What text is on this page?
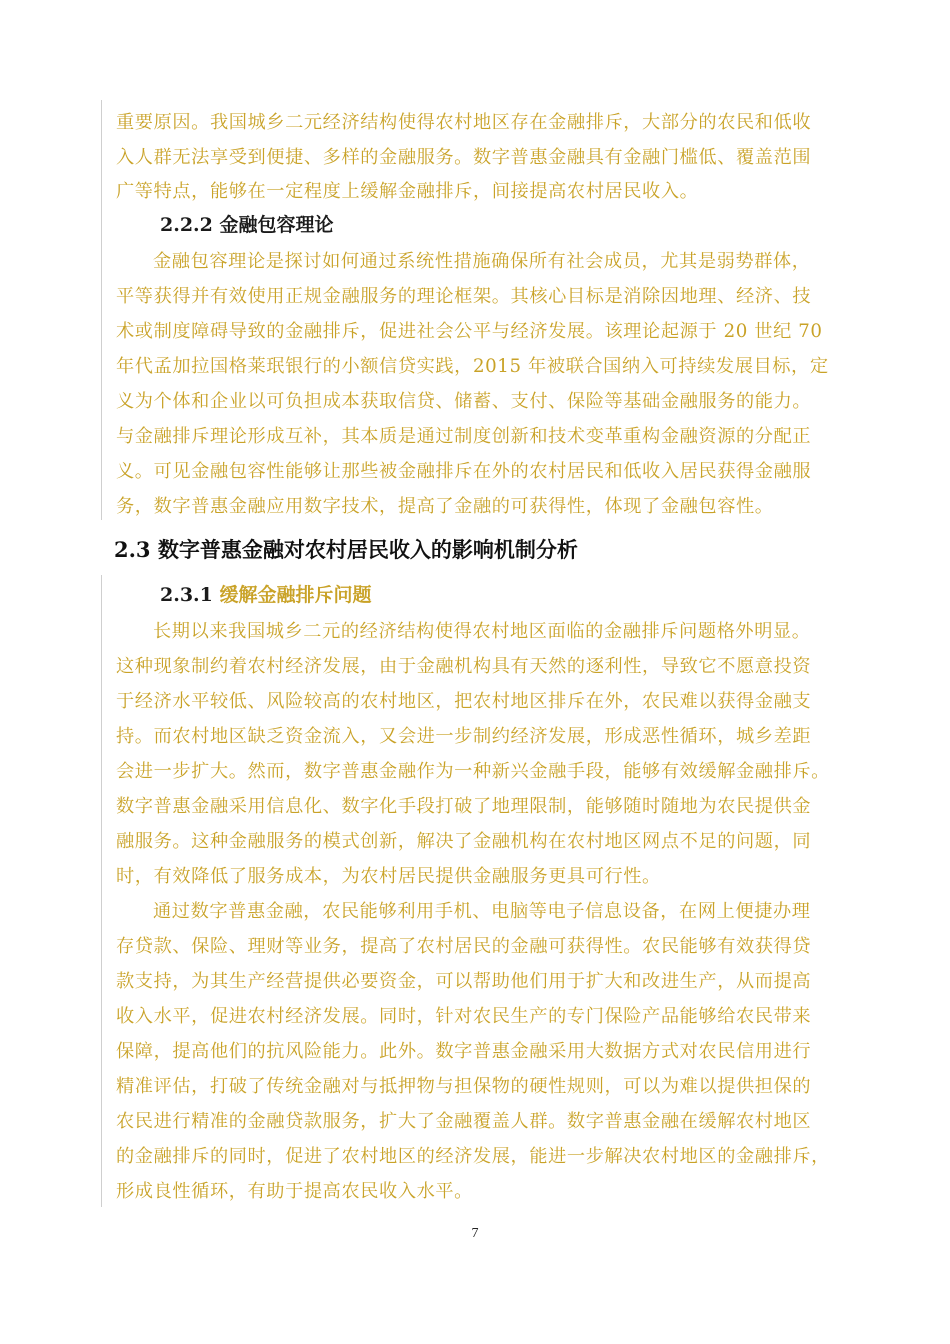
重要原因。我国城乡二元经济结构使得农村地区存在金融排斥，大部分的农民和低收
入人群无法享受到便捷、多样的金融服务。数字普惠金融具有金融门槛低、覆盖范围
广等特点，能够在一定程度上缓解金融排斥，间接提高农村居民收入。
2.2.2 金融包容理论
金融包容理论是探讨如何通过系统性措施确保所有社会成员，尤其是弱势群体，
平等获得并有效使用正规金融服务的理论框架。其核心目标是消除因地理、经济、技
术或制度障碍导致的金融排斥，促进社会公平与经济发展。该理论起源于 20 世纪 70
年代孟加拉国格莱珉银行的小额信贷实践，2015 年被联合国纳入可持续发展目标，定
义为个体和企业以可负担成本获取信贷、储蓄、支付、保险等基础金融服务的能力。
与金融排斥理论形成互补，其本质是通过制度创新和技术变革重构金融资源的分配正
义。可见金融包容性能够让那些被金融排斥在外的农村居民和低收入居民获得金融服
务，数字普惠金融应用数字技术，提高了金融的可获得性，体现了金融包容性。
2.3 数字普惠金融对农村居民收入的影响机制分析
2.3.1 缓解金融排斥问题
长期以来我国城乡二元的经济结构使得农村地区面临的金融排斥问题格外明显。
这种现象制约着农村经济发展，由于金融机构具有天然的逐利性，导致它不愿意投资
于经济水平较低、风险较高的农村地区，把农村地区排斥在外，农民难以获得金融支
持。而农村地区缺乏资金流入，又会进一步制约经济发展，形成恶性循环，城乡差距
会进一步扩大。然而，数字普惠金融作为一种新兴金融手段，能够有效缓解金融排斥。
数字普惠金融采用信息化、数字化手段打破了地理限制，能够随时随地为农民提供金
融服务。这种金融服务的模式创新，解决了金融机构在农村地区网点不足的问题，同
时，有效降低了服务成本，为农村居民提供金融服务更具可行性。
通过数字普惠金融，农民能够利用手机、电脑等电子信息设备，在网上便捷办理
存贷款、保险、理财等业务，提高了农村居民的金融可获得性。农民能够有效获得贷
款支持，为其生产经营提供必要资金，可以帮助他们用于扩大和改进生产，从而提高
收入水平，促进农村经济发展。同时，针对农民生产的专门保险产品能够给农民带来
保障，提高他们的抗风险能力。此外。数字普惠金融采用大数据方式对农民信用进行
精准评估，打破了传统金融对与抵押物与担保物的硬性规则，可以为难以提供担保的
农民进行精准的金融贷款服务，扩大了金融覆盖人群。数字普惠金融在缓解农村地区
的金融排斥的同时，促进了农村地区的经济发展，能进一步解决农村地区的金融排斥，
形成良性循环，有助于提高农民收入水平。
7
